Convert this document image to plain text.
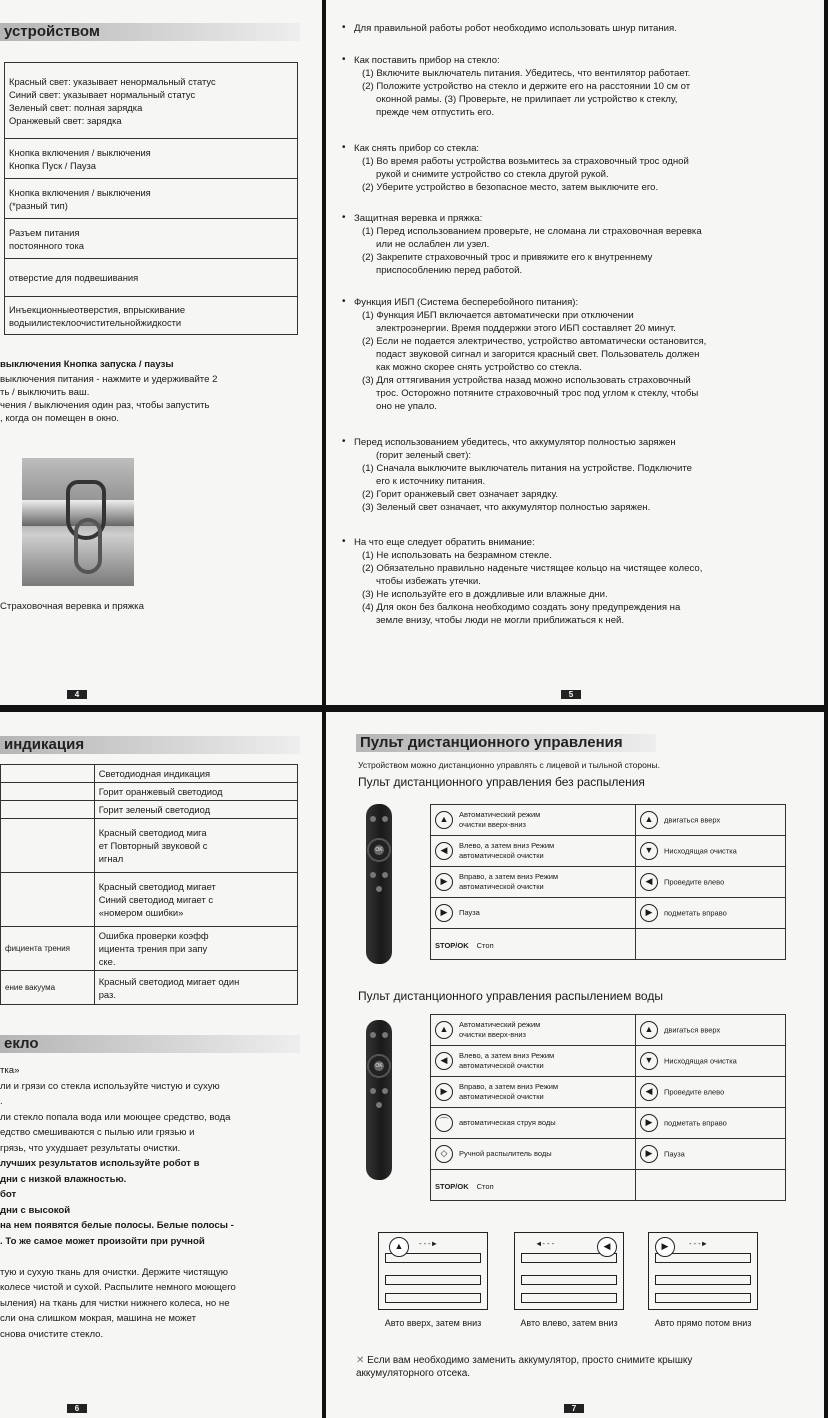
устройством
Красный свет: указывает ненормальный статус
Синий свет: указывает нормальный статус
Зеленый свет: полная зарядка
Оранжевый свет: зарядка

Кнопка включения / выключения
Кнопка Пуск / Пауза

Кнопка включения / выключения
(*разный тип)

Разъем питания
постоянного тока

отверстие для подвешивания

Инъекционныеотверстия, впрыскивание
водыилистеклоочистительнойжидкости
выключения Кнопка запуска / паузы
выключения питания - нажмите и удерживайте 2
ть / выключить ваш.
чения / выключения один раз, чтобы запустить
, когда он помещен в окно.
Страховочная веревка и пряжка
4
• Для правильной работы робот необходимо использовать шнур питания.
• Как поставить прибор на стекло:
(1) Включите выключатель питания. Убедитесь, что вентилятор работает.
(2) Положите устройство на стекло и держите его на расстоянии 10 см от
оконной рамы. (3) Проверьте, не прилипает ли устройство к стеклу,
прежде чем отпустить его.
• Как снять прибор со стекла:
(1) Во время работы устройства возьмитесь за страховочный трос одной
рукой и снимите устройство со стекла другой рукой.
(2) Уберите устройство в безопасное место, затем выключите его.
• Защитная веревка и пряжка:
(1) Перед использованием проверьте, не сломана ли страховочная веревка
или не ослаблен ли узел.
(2) Закрепите страховочный трос и привяжите его к внутреннему
приспособлению перед работой.
• Функция ИБП (Система бесперебойного питания):
(1) Функция ИБП включается автоматически при отключении
электроэнергии. Время поддержки этого ИБП составляет 20 минут.
(2) Если не подается электричество, устройство автоматически остановится,
подаст звуковой сигнал и загорится красный свет. Пользователь должен
как можно скорее снять устройство со стекла.
(3) Для оттягивания устройства назад можно использовать страховочный
трос. Осторожно потяните страховочный трос под углом к стеклу, чтобы
оно не упало.
• Перед использованием убедитесь, что аккумулятор полностью заряжен
(горит зеленый свет):
(1) Сначала выключите выключатель питания на устройстве. Подключите
его к источнику питания.
(2) Горит оранжевый свет означает зарядку.
(3) Зеленый свет означает, что аккумулятор полностью заряжен.
• На что еще следует обратить внимание:
(1) Не использовать на безрамном стекле.
(2) Обязательно правильно наденьте чистящее кольцо на чистящее колесо,
чтобы избежать утечки.
(3) Не используйте его в дождливые или влажные дни.
(4) Для окон без балкона необходимо создать зону предупреждения на
земле внизу, чтобы люди не могли приближаться к ней.
5
индикация

	Светодиодная индикация

	Горит оранжевый светодиод

	Горит зеленый светодиод

	Красный светодиод мига
ет Повторный звуковой с
игнал

	Красный светодиод мигает
Синий светодиод мигает с
«номером ошибки»

фициента трения	Ошибка проверки коэфф
ициента трения при запу
ске.

ение вакуума	Красный светодиод мигает один
раз.
екло
тка»
ли и грязи со стекла используйте чистую и сухую
.
ли стекло попала вода или моющее средство, вода
едство смешиваются с пылью или грязью и
грязь, что ухудшает результаты очистки.
лучших результатов используйте робот в
дни с низкой влажностью.
бот
дни с высокой
на нем появятся белые полосы. Белые полосы -
. То же самое может произойти при ручной
тую и сухую ткань для очистки. Держите чистящую
колесе чистой и сухой. Распылите немного моющего
ыления) на ткань для чистки нижнего колеса, но не
сли она слишком мокрая, машина не может
снова очистите стекло.
6
Пульт дистанционного управления
Устройством можно дистанционно управлять с лицевой и тыльной стороны.
Пульт дистанционного управления без распыления
OK
▲ Автоматический режим
очистки вверх-вниз	▲ двигаться вверх
◀ Влево, а затем вниз Режим
автоматической очистки	▼ Нисходящая очистка
▶ Вправо, а затем вниз Режим
автоматической очистки	◀ Проведите влево
▶ Пауза	▶ подметать вправо
STOP/OK Стоп	
Пульт дистанционного управления распылением воды
OK
▲ Автоматический режим
очистки вверх-вниз	▲ двигаться вверх
◀ Влево, а затем вниз Режим
автоматической очистки	▼ Нисходящая очистка
▶ Вправо, а затем вниз Режим
автоматической очистки	◀ Проведите влево
⌒ автоматическая струя воды	▶ подметать вправо
◇ Ручной распылитель воды	▶ Пауза
STOP/OK Стоп	
▲	- - -►
Авто вверх, затем вниз
◀
◄- - -
Авто влево, затем вниз
▶	- - -►
Авто прямо потом вниз
✕ Если вам необходимо заменить аккумулятор, просто снимите крышку
аккумуляторного отсека.
7
